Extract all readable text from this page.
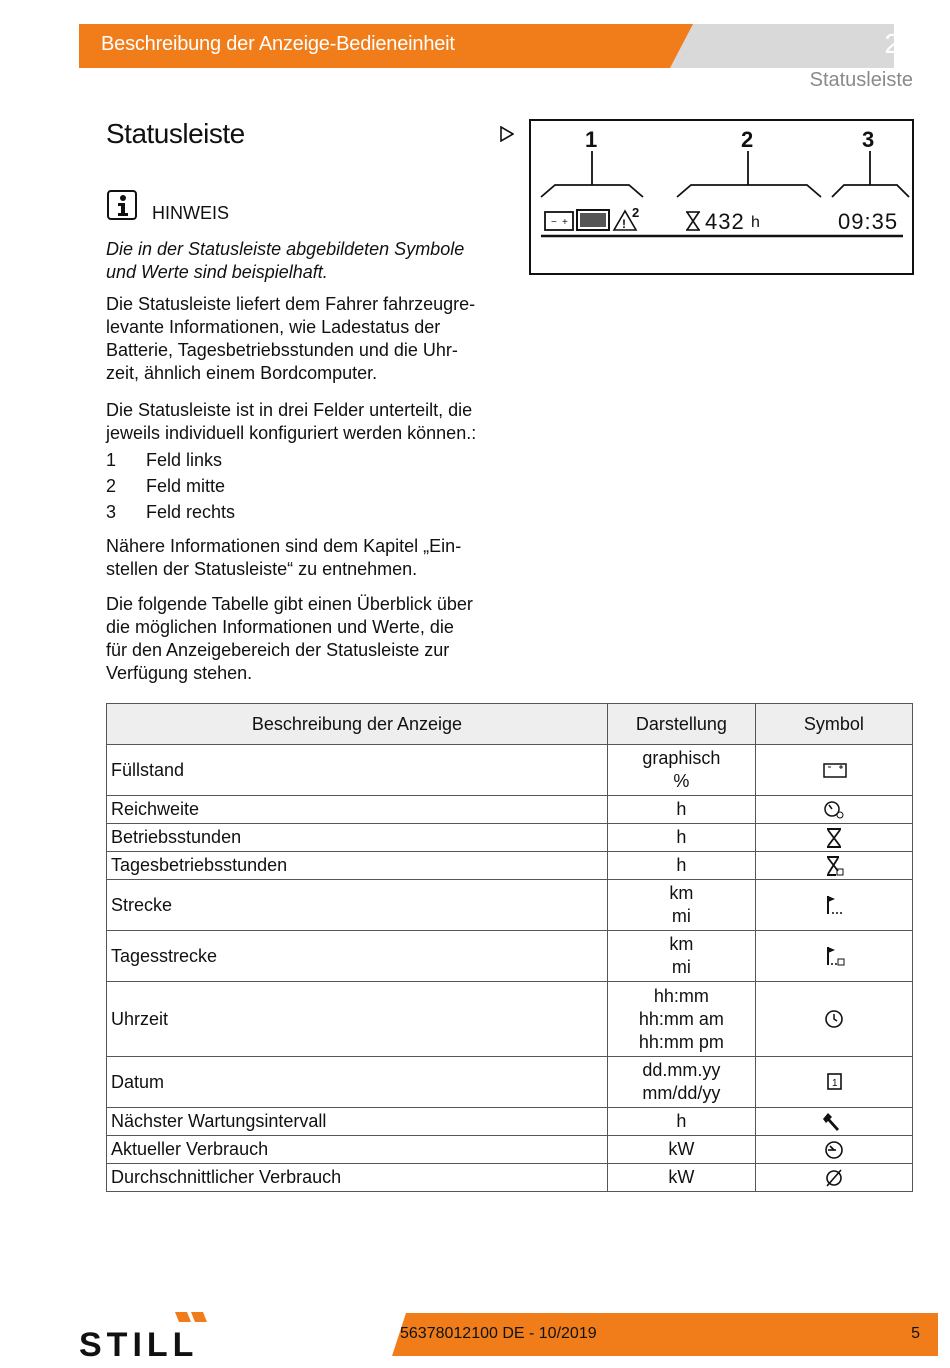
Beschreibung der Anzeige-Bedieneinheit	2
Statusleiste
Statusleiste
− +	!
1	2	3
2	432 h	09:35
HINWEIS

Die in der Statusleiste abgebildeten Symbole und Werte sind beispielhaft.

Die Statusleiste liefert dem Fahrer fahrzeugre-
levante Informationen, wie Ladestatus der
Batterie, Tagesbetriebsstunden und die Uhr-
zeit, ähnlich einem Bordcomputer.

Die Statusleiste ist in drei Felder unterteilt, die
jeweils individuell konfiguriert werden können.:

1 Feld links
2 Feld mitte
3 Feld rechts

Nähere Informationen sind dem Kapitel „Ein-
stellen der Statusleiste“ zu entnehmen.

Die folgende Tabelle gibt einen Überblick über
die möglichen Informationen und Werte, die
für den Anzeigebereich der Statusleiste zur
Verfügung stehen.

Beschreibung der Anzeige	Darstellung	Symbol
Füllstand	graphisch
%	
Reichweite	h	
Betriebsstunden	h	
Tagesbetriebsstunden	h	
Strecke	km
mi	
Tagesstrecke	km
mi	
Uhrzeit	hh:mm
hh:mm am
hh:mm pm	
Datum	dd.mm.yy
mm/dd/yy	1

Nächster Wartungsintervall	h	
Aktueller Verbrauch	kW	
Durchschnittlicher Verbrauch	kW	
STILL	56378012100 DE - 10/2019	5
